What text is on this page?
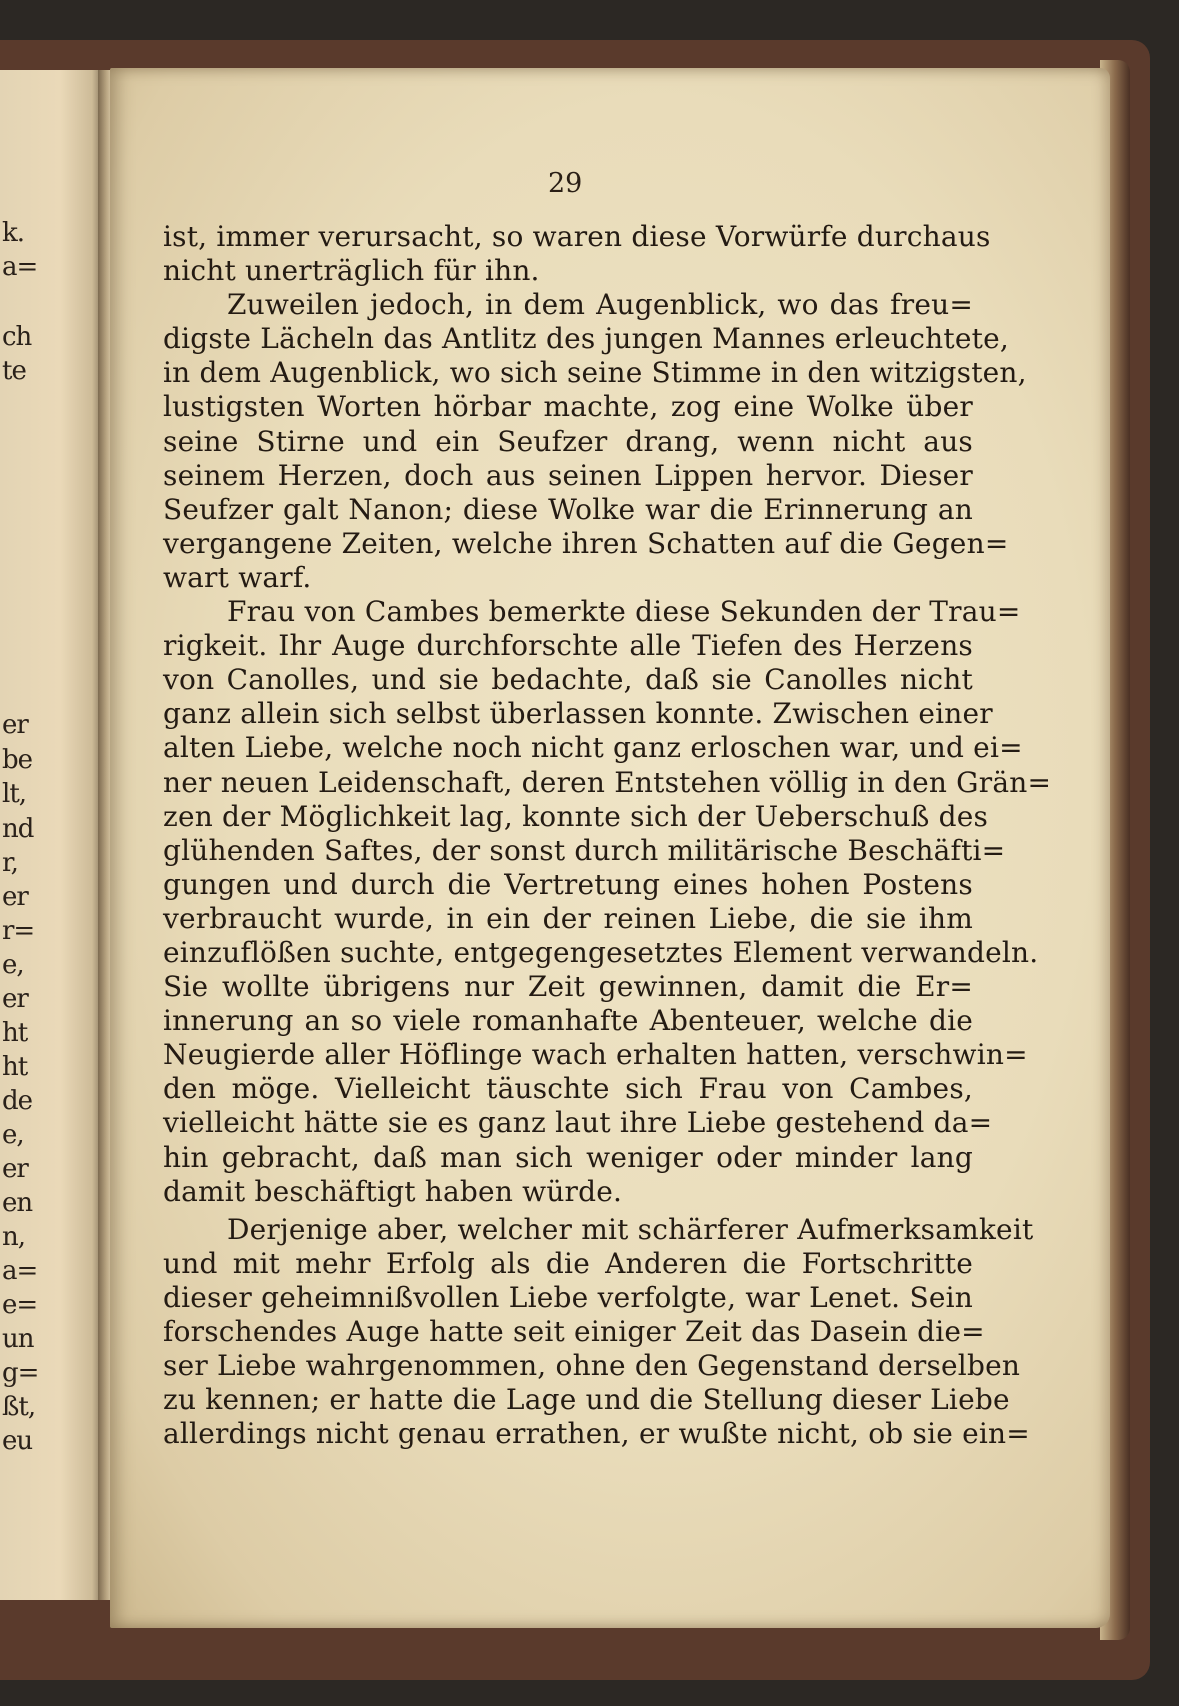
k.
a=
ch
te
er
be
lt,
nd
r,
er
r=
e,
er
ht
ht
de
e,
er
en
n,
a=
e=
un
g=
ßt,
eu
29
ist, immer verursacht, so waren diese Vorwürfe durchaus
nicht unerträglich für ihn.
Zuweilen jedoch, in dem Augenblick, wo das freu=
digste Lächeln das Antlitz des jungen Mannes erleuchtete,
in dem Augenblick, wo sich seine Stimme in den witzigsten,
lustigsten Worten hörbar machte, zog eine Wolke über
seine Stirne und ein Seufzer drang, wenn nicht aus
seinem Herzen, doch aus seinen Lippen hervor. Dieser
Seufzer galt Nanon; diese Wolke war die Erinnerung an
vergangene Zeiten, welche ihren Schatten auf die Gegen=
wart warf.
Frau von Cambes bemerkte diese Sekunden der Trau=
rigkeit. Ihr Auge durchforschte alle Tiefen des Herzens
von Canolles, und sie bedachte, daß sie Canolles nicht
ganz allein sich selbst überlassen konnte. Zwischen einer
alten Liebe, welche noch nicht ganz erloschen war, und ei=
ner neuen Leidenschaft, deren Entstehen völlig in den Grän=
zen der Möglichkeit lag, konnte sich der Ueberschuß des
glühenden Saftes, der sonst durch militärische Beschäfti=
gungen und durch die Vertretung eines hohen Postens
verbraucht wurde, in ein der reinen Liebe, die sie ihm
einzuflößen suchte, entgegengesetztes Element verwandeln.
Sie wollte übrigens nur Zeit gewinnen, damit die Er=
innerung an so viele romanhafte Abenteuer, welche die
Neugierde aller Höflinge wach erhalten hatten, verschwin=
den möge. Vielleicht täuschte sich Frau von Cambes,
vielleicht hätte sie es ganz laut ihre Liebe gestehend da=
hin gebracht, daß man sich weniger oder minder lang
damit beschäftigt haben würde.
Derjenige aber, welcher mit schärferer Aufmerksamkeit
und mit mehr Erfolg als die Anderen die Fortschritte
dieser geheimnißvollen Liebe verfolgte, war Lenet. Sein
forschendes Auge hatte seit einiger Zeit das Dasein die=
ser Liebe wahrgenommen, ohne den Gegenstand derselben
zu kennen; er hatte die Lage und die Stellung dieser Liebe
allerdings nicht genau errathen, er wußte nicht, ob sie ein=
